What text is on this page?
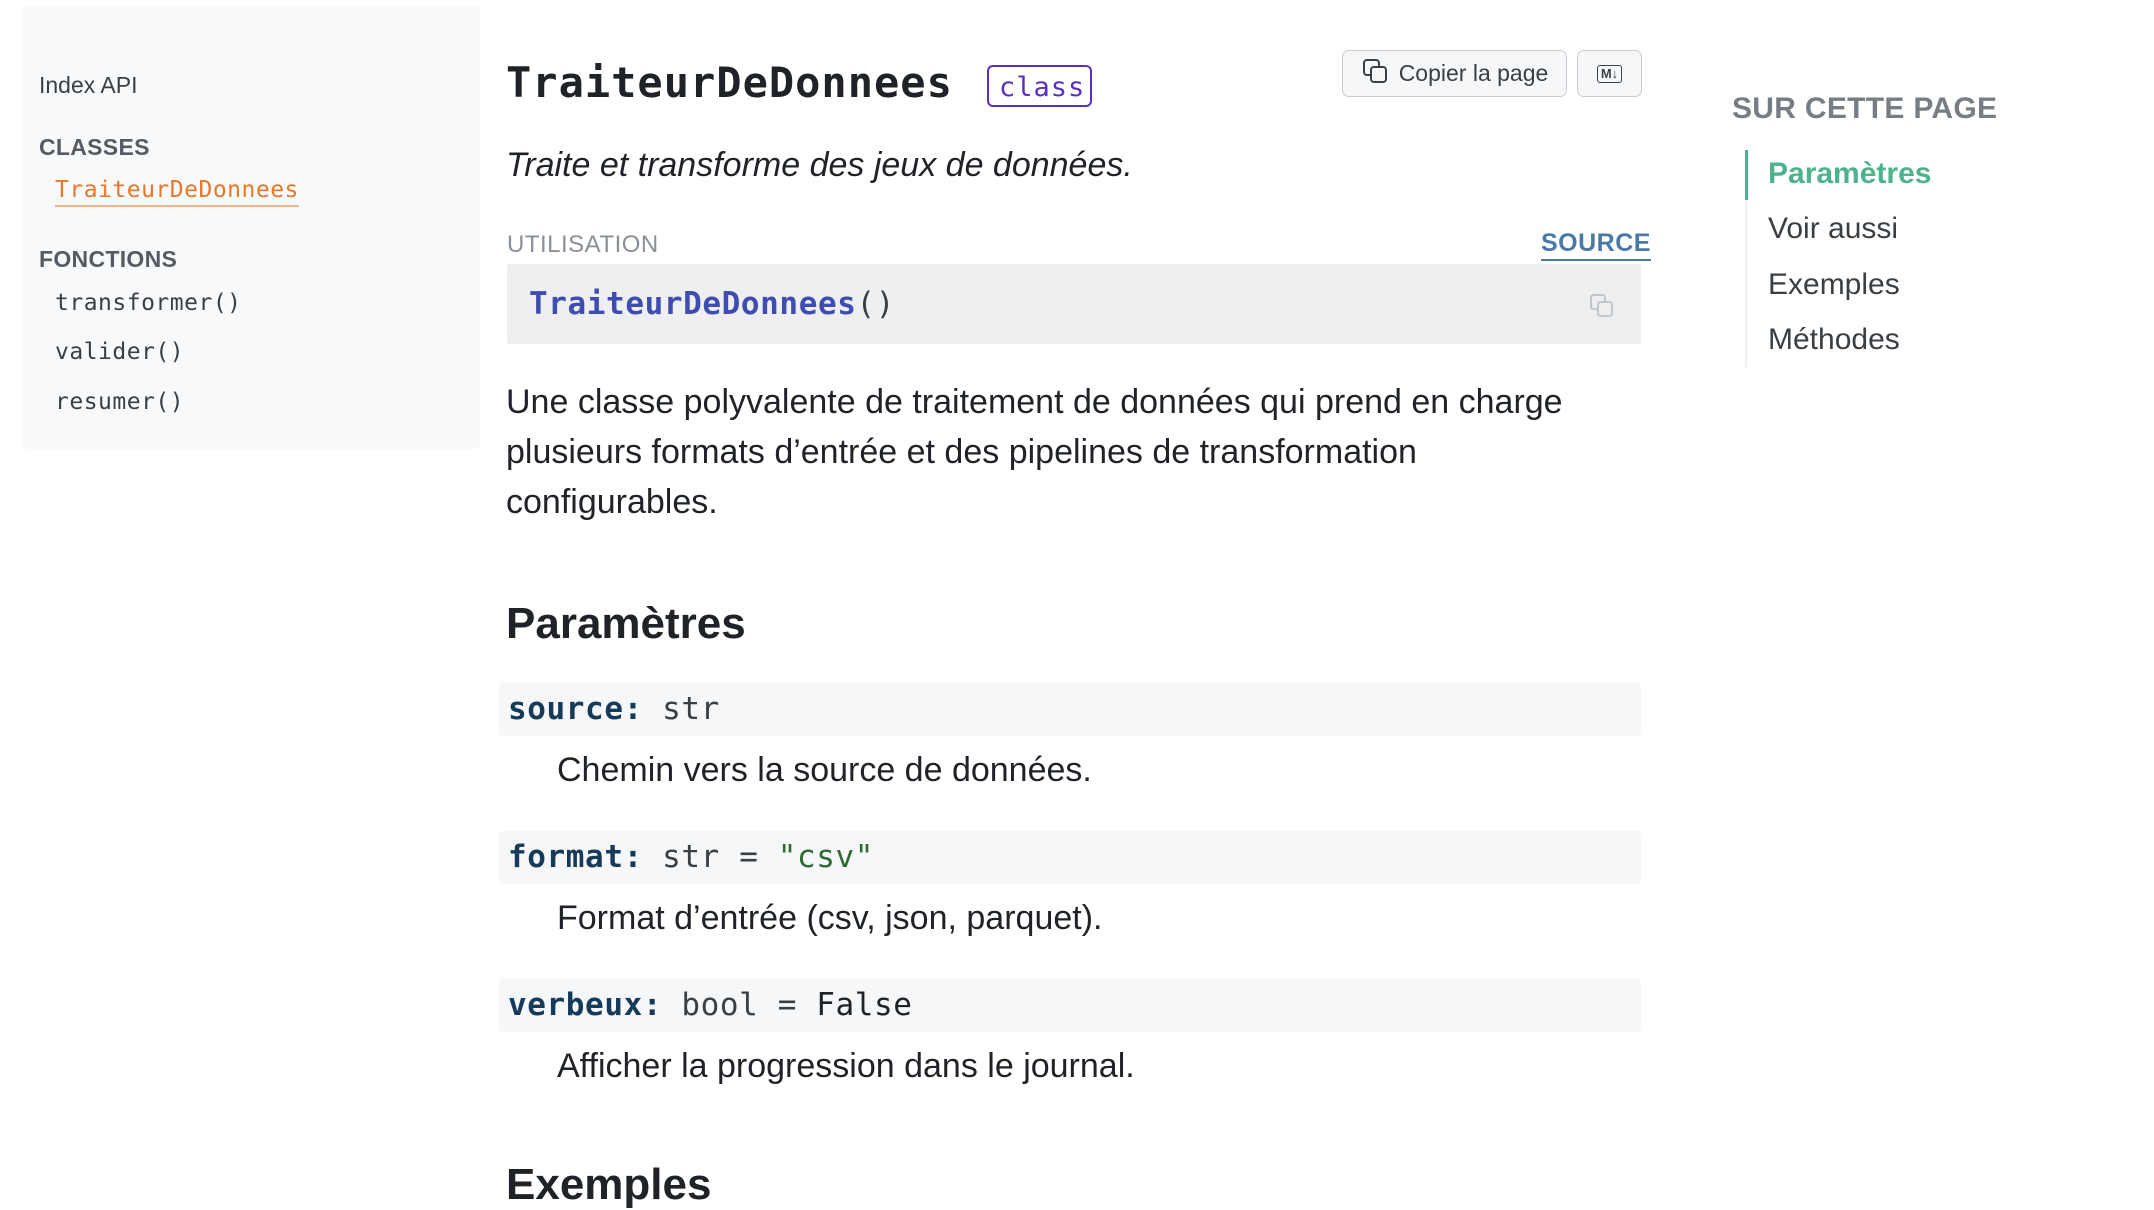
Index API
CLASSES
TraiteurDeDonnees
FONCTIONS
transformer()
valider()
resumer()
TraiteurDeDonnees	class	Copier la page	M↓

Traite et transforme des jeux de données.

UTILISATION	SOURCE
TraiteurDeDonnees()

Une classe polyvalente de traitement de données qui prend en charge plusieurs formats d’entrée et des pipelines de transformation configurables.

Paramètres
source: str
Chemin vers la source de données.
format: str = "csv"
Format d’entrée (csv, json, parquet).
verbeux: bool = False
Afficher la progression dans le journal.
Exemples
SUR CETTE PAGE
Paramètres
Voir aussi
Exemples
Méthodes
